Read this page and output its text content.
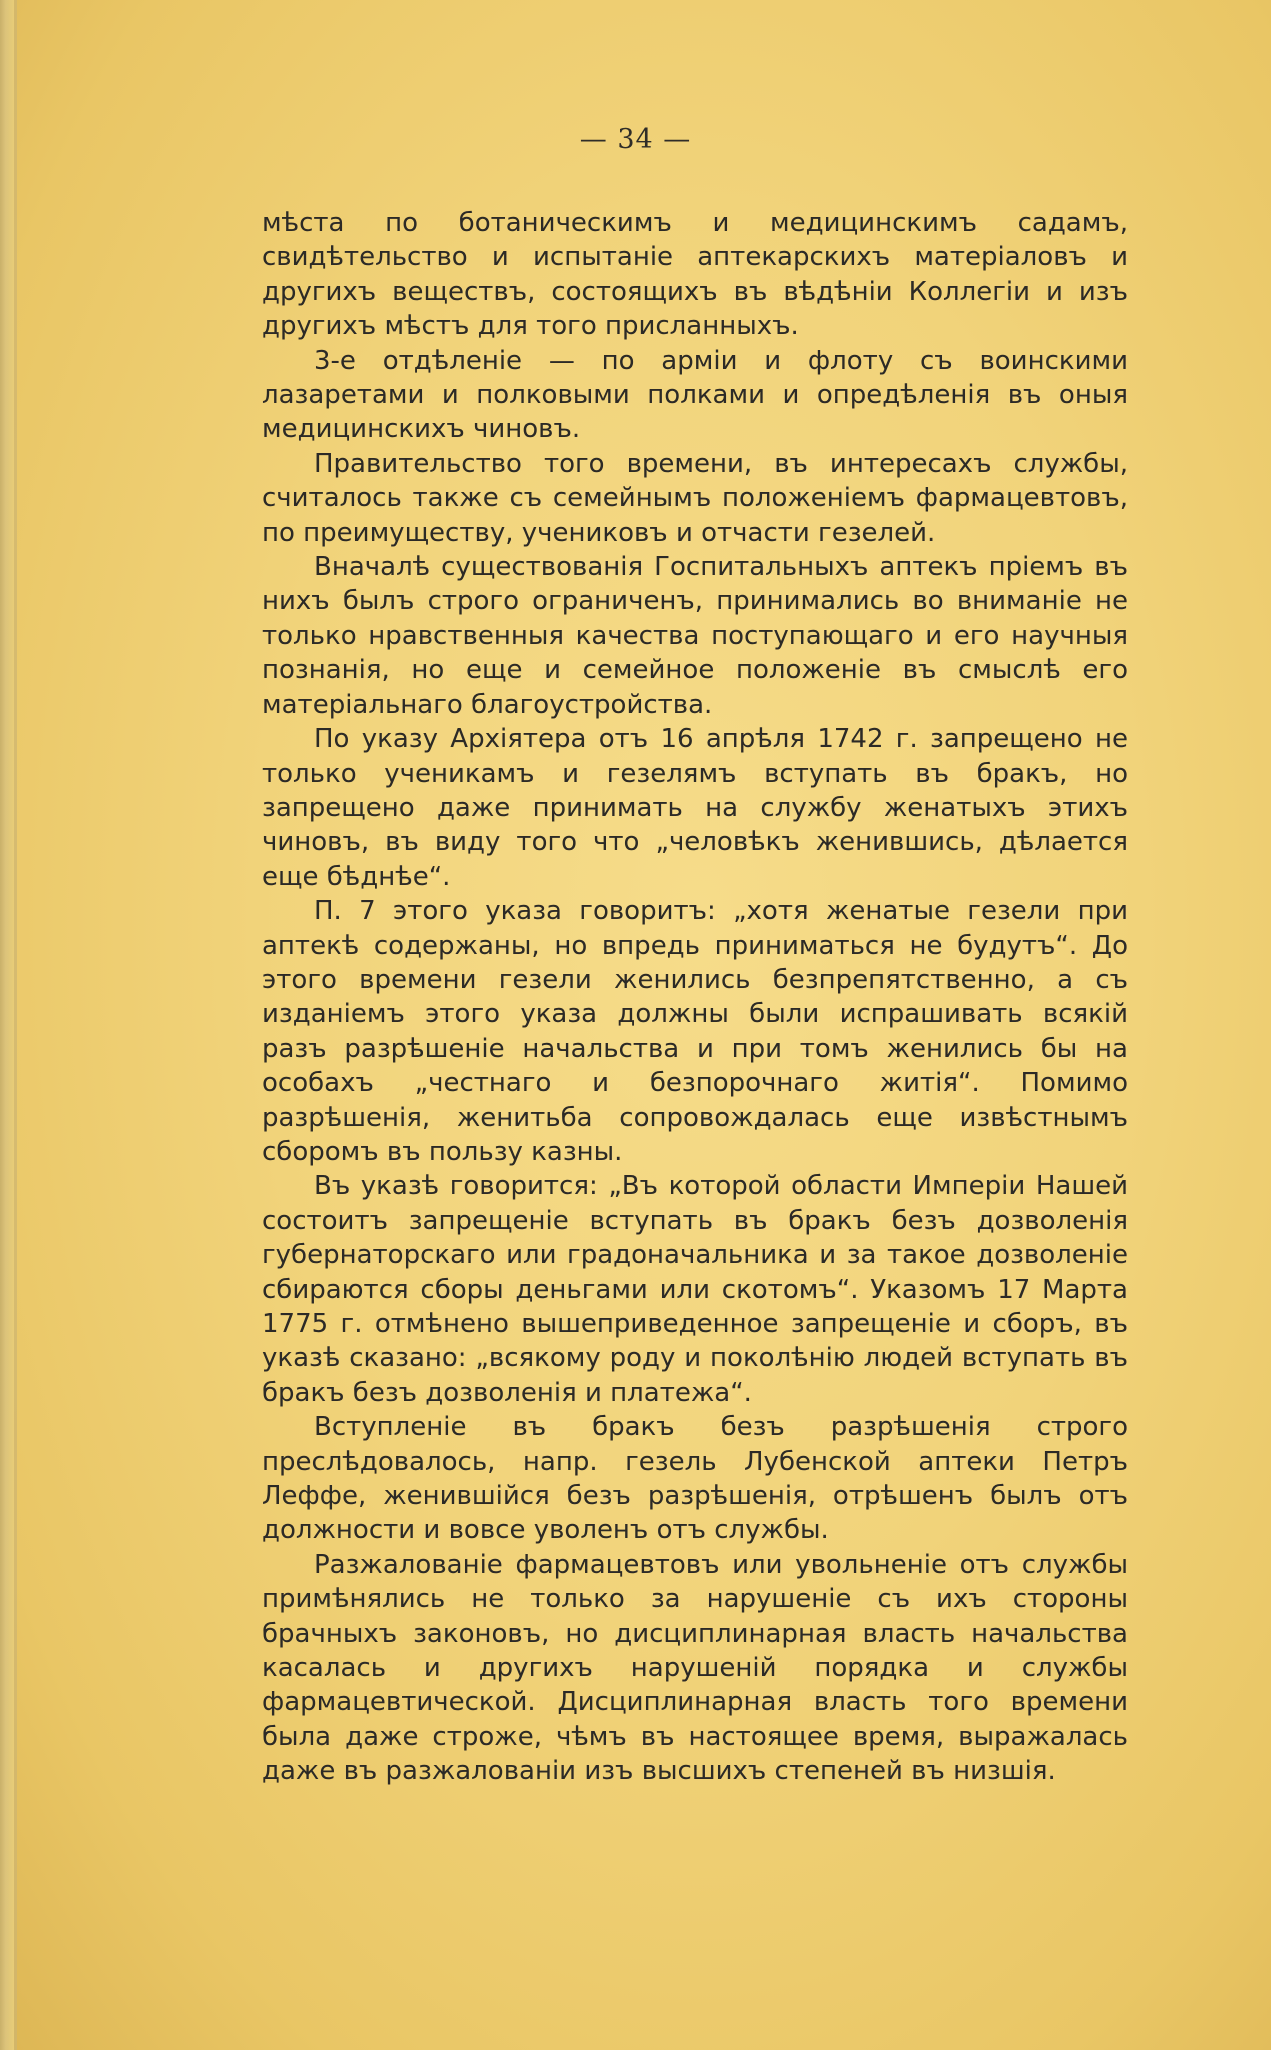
— 34 —

мѣста по ботаническимъ и медицинскимъ садамъ, свидѣтельство и испытаніе аптекарскихъ матеріаловъ и другихъ веществъ, состоящихъ въ вѣдѣніи Коллегіи и изъ другихъ мѣстъ для того присланныхъ.

3-е отдѣленіе — по арміи и флоту съ воинскими лазаретами и полковыми полками и опредѣленія въ оныя медицинскихъ чиновъ.

Правительство того времени, въ интересахъ службы, считалось также съ семейнымъ положеніемъ фармацевтовъ, по преимуществу, учениковъ и отчасти гезелей.

Вначалѣ существованія Госпитальныхъ аптекъ пріемъ въ нихъ былъ строго ограниченъ, принимались во вниманіе не только нравственныя качества поступающаго и его научныя познанія, но еще и семейное положеніе въ смыслѣ его матеріальнаго благоустройства.

По указу Архіятера отъ 16 апрѣля 1742 г. запрещено не только ученикамъ и гезелямъ вступать въ бракъ, но запрещено даже принимать на службу женатыхъ этихъ чиновъ, въ виду того что „человѣкъ женившись, дѣлается еще бѣднѣе“.

П. 7 этого указа говоритъ: „хотя женатые гезели при аптекѣ содержаны, но впредь приниматься не будутъ“. До этого времени гезели женились безпрепятственно, а съ изданіемъ этого указа должны были испрашивать всякій разъ разрѣшеніе начальства и при томъ женились бы на особахъ „честнаго и безпорочнаго житія“. Помимо разрѣшенія, женитьба сопровождалась еще извѣстнымъ сборомъ въ пользу казны.

Въ указѣ говорится: „Въ которой области Имперіи Нашей состоитъ запрещеніе вступать въ бракъ безъ дозволенія губернаторскаго или градоначальника и за такое дозволеніе сбираются сборы деньгами или скотомъ“. Указомъ 17 Марта 1775 г. отмѣнено вышеприведенное запрещеніе и сборъ, въ указѣ сказано: „всякому роду и поколѣнію людей вступать въ бракъ безъ дозволенія и платежа“.

Вступленіе въ бракъ безъ разрѣшенія строго преслѣдовалось, напр. гезель Лубенской аптеки Петръ Леффе, женившійся безъ разрѣшенія, отрѣшенъ былъ отъ должности и вовсе уволенъ отъ службы.

Разжалованіе фармацевтовъ или увольненіе отъ службы примѣнялись не только за нарушеніе съ ихъ стороны брачныхъ законовъ, но дисциплинарная власть начальства касалась и другихъ нарушеній порядка и службы фармацевтической. Дисциплинарная власть того времени была даже строже, чѣмъ въ настоящее время, выражалась даже въ разжалованіи изъ высшихъ степеней въ низшія.
